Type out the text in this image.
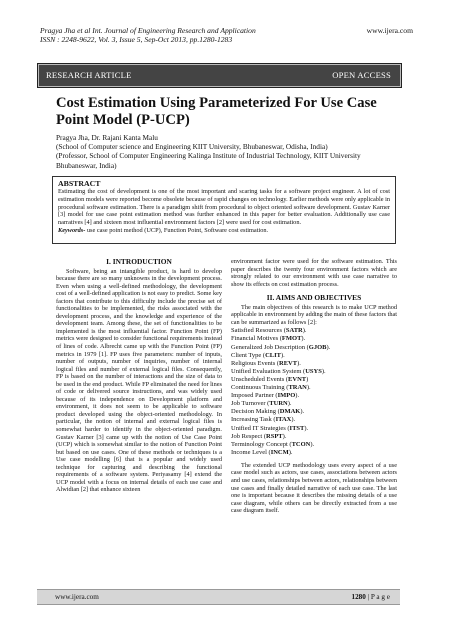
Pragya Jha et al Int. Journal of Engineering Research and Application
ISSN : 2248-9622, Vol. 3, Issue 5, Sep-Oct 2013, pp.1280-1283
www.ijera.com
RESEARCH ARTICLE	OPEN ACCESS
Cost Estimation Using Parameterized For Use Case Point Model (P-UCP)
Pragya Jha, Dr. Rajani Kanta Malu
(School of Computer science and Engineering KIIT University, Bhubaneswar, Odisha, India)
(Professor, School of Computer Engineering Kalinga Institute of Industrial Technology, KIIT University
Bhubaneswar, India)
ABSTRACT
Estimating the cost of development is one of the most important and scaring tasks for a software project engineer. A lot of cost estimation models were reported become obsolete because of rapid changes on technology. Earlier methods were only applicable in procedural software estimation. There is a paradigm shift from procedural to object oriented software development. Gustav Karner [3] model for use case point estimation method was further enhanced in this paper for better evaluation. Additionally use case narratives [4] and sixteen most influential environment factors [2] were used for cost estimation.
Keywords- use case point method (UCP), Function Point, Software cost estimation.
I. INTRODUCTION

Software, being an intangible product, is hard to develop because there are so many unknowns in the development process. Even when using a well-defined methodology, the development cost of a well-defined application is not easy to predict. Some key factors that contribute to this difficulty include the precise set of functionalities to be implemented, the risks associated with the development process, and the knowledge and experience of the development team. Among these, the set of functionalities to be implemented is the most influential factor. Function Point (FP) metrics were designed to consider functional requirements instead of lines of code. Albrecht came up with the Function Point (FP) metrics in 1979 [1]. FP uses five parameters: number of inputs, number of outputs, number of inquiries, number of internal logical files and number of external logical files. Consequently, FP is based on the number of interactions and the size of data to be used in the end product. While FP eliminated the need for lines of code or delivered source instructions, and was widely used because of its independence on Development platform and environment, it does not seem to be applicable to software product developed using the object-oriented methodology. In particular, the notion of internal and external logical files is somewhat harder to identify in the object-oriented paradigm. Gustav Karner [3] came up with the notion of Use Case Point (UCP) which is somewhat similar to the notion of Function Point but based on use cases. One of these methods or techniques is a Use case modelling [6] that is a popular and widely used technique for capturing and describing the functional requirements of a software system. Periyasamy [4] extend the UCP model with a focus on internal details of each use case and Alwidian [2] that enhance sixteen

environment factor were used for the software estimation. This paper describes the twenty four environment factors which are strongly related to our environment with use case narrative to show its effects on cost estimation process.

II. AIMS AND OBJECTIVES

The main objectives of this research is to make UCP method applicable in environment by adding the main of these factors that can be summarized as follows [2]:

Satisfied Resources (SATR).
Financial Motives (FMOT).
Generalized Job Description (GJOB).
Client Type (CLIT).
Religious Events (REVT).
Unified Evaluation System (USYS).
Unscheduled Events (EVNT)
Continuous Training (TRAN).
Imposed Partner (IMPO).
Job Turnover (TURN).
Decision Making (DMAK).
Increasing Task (ITAX).
Unified IT Strategies (ITST).
Job Respect (RSPT).
Terminology Concept (TCON).
Income Level (INCM).

The extended UCP methodology uses every aspect of a use case model such as actors, use cases, associations between actors and use cases, relationships between actors, relationships between use cases and finally detailed narrative of each use case. The last one is important because it describes the missing details of a use case diagram, while others can be directly extracted from a use case diagram itself.

www.ijera.com	1280 | P a g e
